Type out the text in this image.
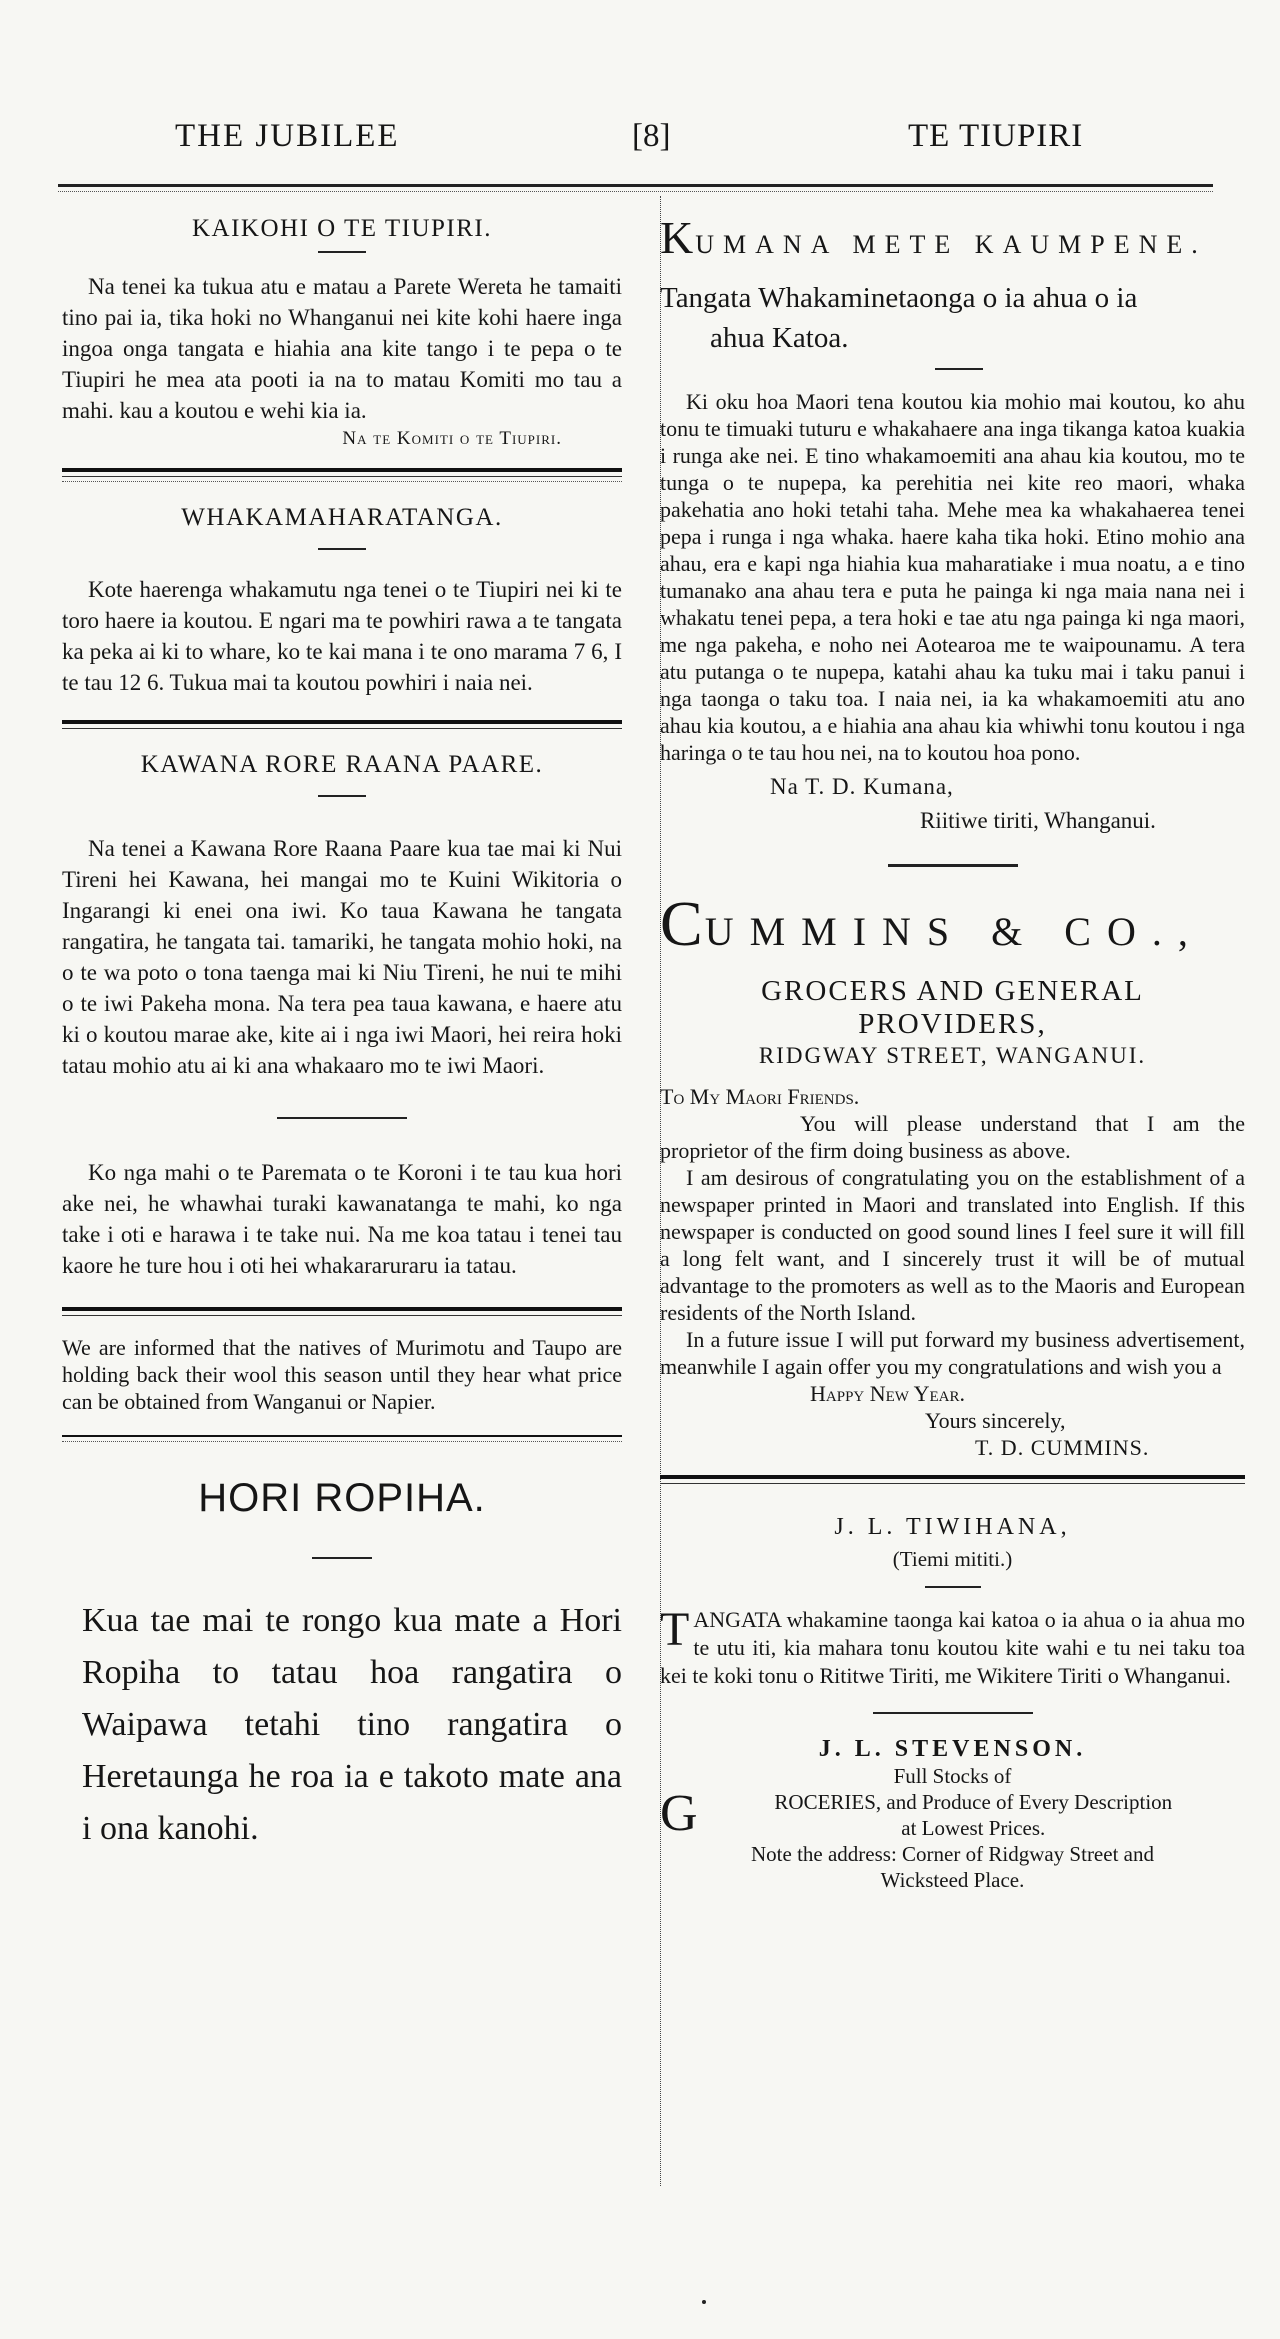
THE JUBILEE	[8]	TE TIUPIRI
KAIKOHI O TE TIUPIRI.

Na tenei ka tukua atu e matau a Parete Wereta he tamaiti tino pai ia, tika hoki no Whanganui nei kite kohi haere inga ingoa onga tangata e hiahia ana kite tango i te pepa o te Tiupiri he mea ata pooti ia na to matau Komiti mo tau a mahi. kau a koutou e wehi kia ia.

Na te Komiti o te Tiupiri.
WHAKAMAHARATANGA.

Kote haerenga whakamutu nga tenei o te Tiupiri nei ki te toro haere ia koutou. E ngari ma te powhiri rawa a te tangata ka peka ai ki to whare, ko te kai mana i te ono marama 7 6, I te tau 12 6. Tukua mai ta koutou powhiri i naia nei.

KAWANA RORE RAANA PAARE.

Na tenei a Kawana Rore Raana Paare kua tae mai ki Nui Tireni hei Kawana, hei mangai mo te Kuini Wikitoria o Ingarangi ki enei ona iwi. Ko taua Kawana he tangata rangatira, he tangata tai. tamariki, he tangata mohio hoki, na o te wa poto o tona taenga mai ki Niu Tireni, he nui te mihi o te iwi Pakeha mona. Na tera pea taua kawana, e haere atu ki o koutou marae ake, kite ai i nga iwi Maori, hei reira hoki tatau mohio atu ai ki ana whakaaro mo te iwi Maori.

Ko nga mahi o te Paremata o te Koroni i te tau kua hori ake nei, he whawhai turaki kawanatanga te mahi, ko nga take i oti e harawa i te take nui. Na me koa tatau i tenei tau kaore he ture hou i oti hei whakararuraru ia tatau.

We are informed that the natives of Murimotu and Taupo are holding back their wool this season until they hear what price can be obtained from Wanganui or Napier.

HORI ROPIHA.

Kua tae mai te rongo kua mate a Hori Ropiha to tatau hoa rangatira o Waipawa tetahi tino rangatira o Heretaunga he roa ia e takoto mate ana i ona kanohi.

KUMANA METE KAUMPENE.
Tangata Whakaminetaonga o ia ahua o ia
ahua Katoa.

Ki oku hoa Maori tena koutou kia mohio mai koutou, ko ahu tonu te timuaki tuturu e whakahaere ana inga tikanga katoa kuakia i runga ake nei. E tino whakamoemiti ana ahau kia koutou, mo te tunga o te nupepa, ka perehitia nei kite reo maori, whaka pakehatia ano hoki tetahi taha. Mehe mea ka whakahaerea tenei pepa i runga i nga whaka. haere kaha tika hoki. Etino mohio ana ahau, era e kapi nga hiahia kua maharatiake i mua noatu, a e tino tumanako ana ahau tera e puta he painga ki nga maia nana nei i whakatu tenei pepa, a tera hoki e tae atu nga painga ki nga maori, me nga pakeha, e noho nei Aotearoa me te waipounamu. A tera atu putanga o te nupepa, katahi ahau ka tuku mai i taku panui i nga taonga o taku toa. I naia nei, ia ka whakamoemiti atu ano ahau kia koutou, a e hiahia ana ahau kia whiwhi tonu koutou i nga haringa o te tau hou nei, na to koutou hoa pono.

Na T. D. Kumana,
Riitiwe tiriti, Whanganui.
CUMMINS & CO.,
GROCERS AND GENERAL
PROVIDERS,
RIDGWAY STREET, WANGANUI.
To My Maori Friends.

You will please understand that I am the proprietor of the firm doing business as above.

I am desirous of congratulating you on the establishment of a newspaper printed in Maori and translated into English. If this newspaper is conducted on good sound lines I feel sure it will fill a long felt want, and I sincerely trust it will be of mutual advantage to the promoters as well as to the Maoris and European residents of the North Island.

In a future issue I will put forward my business advertisement, meanwhile I again offer you my congratulations and wish you a

Happy New Year.
Yours sincerely,
T. D. CUMMINS.
J. L. TIWIHANA,
(Tiemi mititi.)

TANGATA whakamine taonga kai katoa o ia ahua o ia ahua mo te utu iti, kia mahara tonu koutou kite wahi e tu nei taku toa kei te koki tonu o Rititwe Tiriti, me Wikitere Tiriti o Whanganui.

J. L. STEVENSON.
Full Stocks of
G	ROCERIES, and Produce of Every Description
at Lowest Prices.
Note the address: Corner of Ridgway Street and
Wicksteed Place.
